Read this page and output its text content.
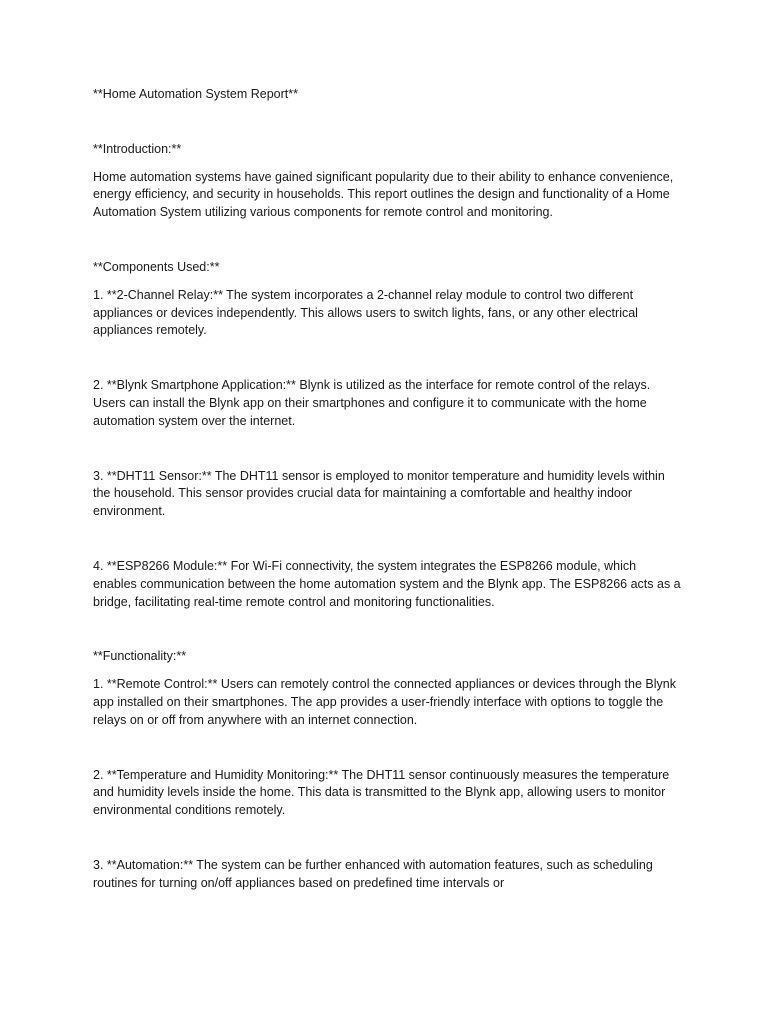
**Home Automation System Report**

**Introduction:**

Home automation systems have gained significant popularity due to their ability to enhance convenience, energy efficiency, and security in households. This report outlines the design and functionality of a Home Automation System utilizing various components for remote control and monitoring.

**Components Used:**

1. **2-Channel Relay:** The system incorporates a 2-channel relay module to control two different appliances or devices independently. This allows users to switch lights, fans, or any other electrical appliances remotely.

2. **Blynk Smartphone Application:** Blynk is utilized as the interface for remote control of the relays. Users can install the Blynk app on their smartphones and configure it to communicate with the home automation system over the internet.

3. **DHT11 Sensor:** The DHT11 sensor is employed to monitor temperature and humidity levels within the household. This sensor provides crucial data for maintaining a comfortable and healthy indoor environment.

4. **ESP8266 Module:** For Wi-Fi connectivity, the system integrates the ESP8266 module, which enables communication between the home automation system and the Blynk app. The ESP8266 acts as a bridge, facilitating real-time remote control and monitoring functionalities.

**Functionality:**

1. **Remote Control:** Users can remotely control the connected appliances or devices through the Blynk app installed on their smartphones. The app provides a user-friendly interface with options to toggle the relays on or off from anywhere with an internet connection.

2. **Temperature and Humidity Monitoring:** The DHT11 sensor continuously measures the temperature and humidity levels inside the home. This data is transmitted to the Blynk app, allowing users to monitor environmental conditions remotely.

3. **Automation:** The system can be further enhanced with automation features, such as scheduling routines for turning on/off appliances based on predefined time intervals or
